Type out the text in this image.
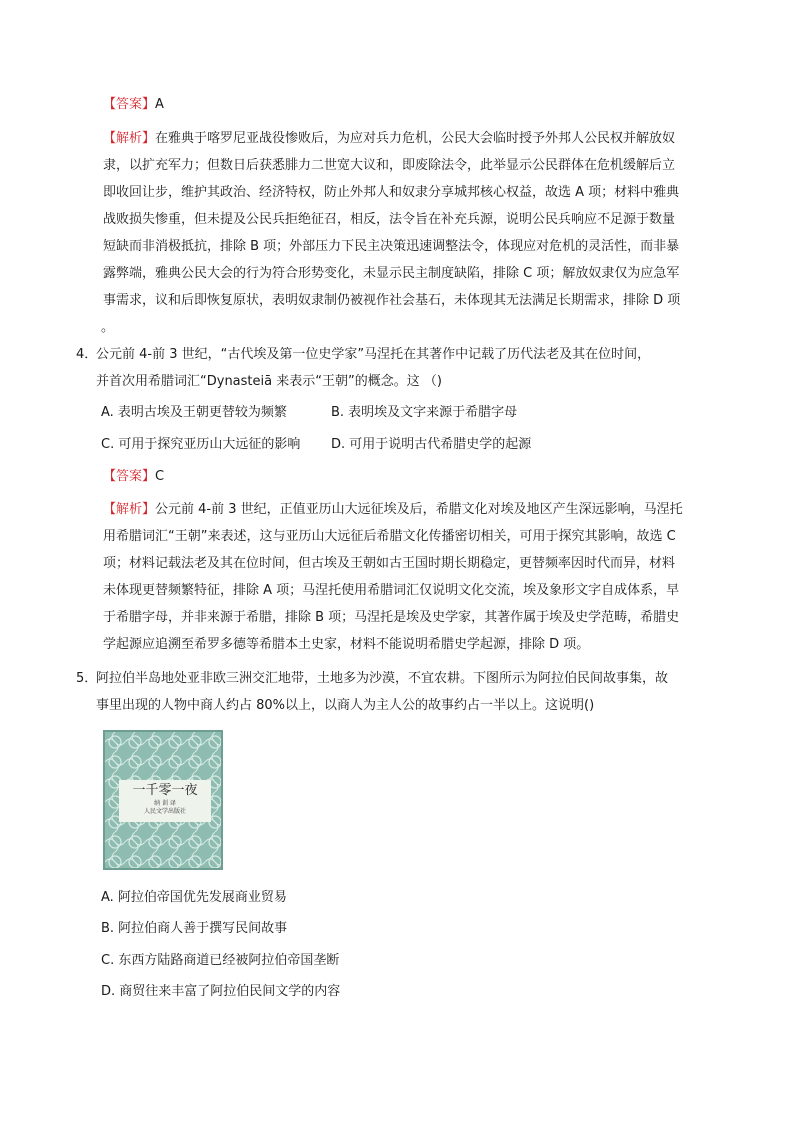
【答案】A
【解析】在雅典于喀罗尼亚战役惨败后，为应对兵力危机，公民大会临时授予外邦人公民权并解放奴
隶，以扩充军力；但数日后获悉腓力二世宽大议和，即废除法令，此举显示公民群体在危机缓解后立
即收回让步，维护其政治、经济特权，防止外邦人和奴隶分享城邦核心权益，故选 A 项；材料中雅典
战败损失惨重，但未提及公民兵拒绝征召，相反，法令旨在补充兵源，说明公民兵响应不足源于数量
短缺而非消极抵抗，排除 B 项；外部压力下民主决策迅速调整法令，体现应对危机的灵活性，而非暴
露弊端，雅典公民大会的行为符合形势变化，未显示民主制度缺陷，排除 C 项；解放奴隶仅为应急军
事需求，议和后即恢复原状，表明奴隶制仍被视作社会基石，未体现其无法满足长期需求，排除 D 项
。
4．
公元前 4-前 3 世纪，“古代埃及第一位史学家”马涅托在其著作中记载了历代法老及其在位时间，
并首次用希腊词汇“Dynasteiā 来表示“王朝”的概念。这 （)
A. 表明古埃及王朝更替较为频繁	B. 表明埃及文字来源于希腊字母
C. 可用于探究亚历山大远征的影响 D. 可用于说明古代希腊史学的起源
【答案】C
【解析】公元前 4-前 3 世纪，正值亚历山大远征埃及后，希腊文化对埃及地区产生深远影响，马涅托
用希腊词汇“王朝”来表述，这与亚历山大远征后希腊文化传播密切相关，可用于探究其影响，故选 C
项；材料记载法老及其在位时间，但古埃及王朝如古王国时期长期稳定，更替频率因时代而异，材料
未体现更替频繁特征，排除 A 项；马涅托使用希腊词汇仅说明文化交流，埃及象形文字自成体系，早
于希腊字母，并非来源于希腊，排除 B 项；马涅托是埃及史学家，其著作属于埃及史学范畴，希腊史
学起源应追溯至希罗多德等希腊本土史家，材料不能说明希腊史学起源，排除 D 项。
5．
阿拉伯半岛地处亚非欧三洲交汇地带，土地多为沙漠，不宜农耕。下图所示为阿拉伯民间故事集，故
事里出现的人物中商人约占 80%以上，以商人为主人公的故事约占一半以上。这说明()
一千零一夜
纳 训 译
人民文学出版社
A. 阿拉伯帝国优先发展商业贸易
B. 阿拉伯商人善于撰写民间故事
C. 东西方陆路商道已经被阿拉伯帝国垄断
D. 商贸往来丰富了阿拉伯民间文学的内容
